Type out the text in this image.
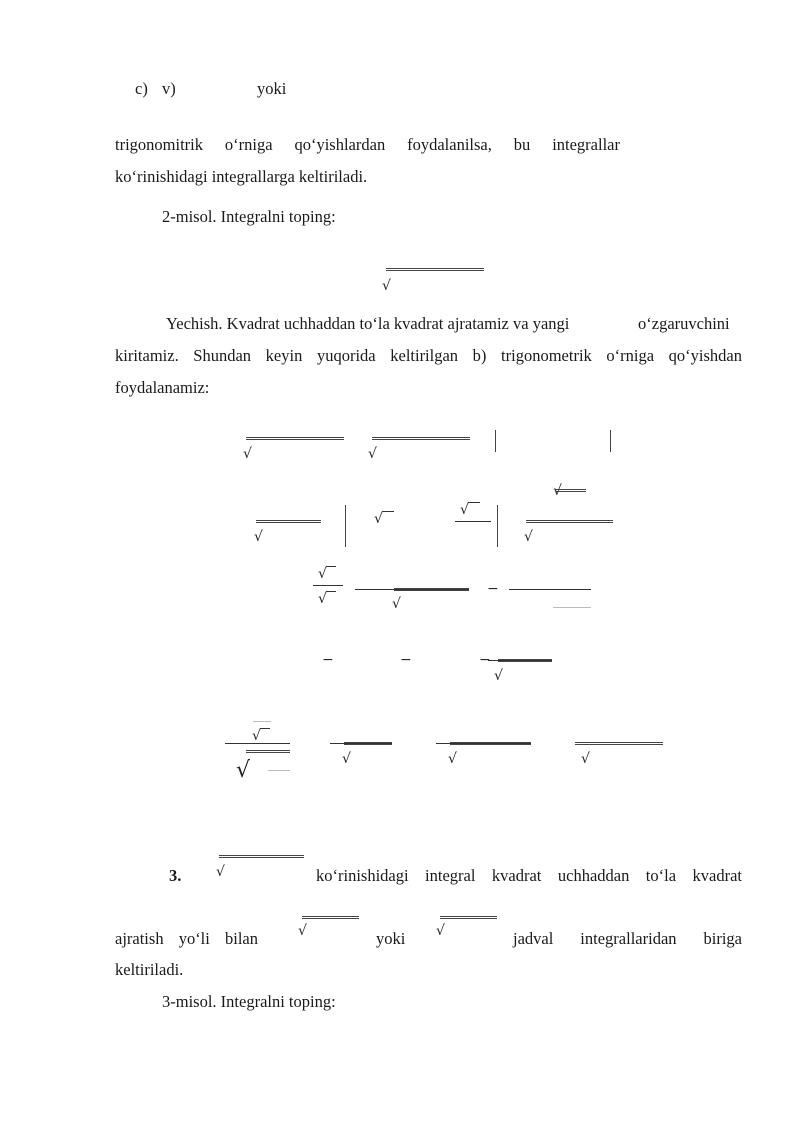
c) v)	yoki
trigonomitrik o‘rniga qo‘yishlardan foydalanilsa, bu integrallar
ko‘rinishidagi integrallarga keltiriladi.
2-misol. Integralni toping:
√
Yechish. Kvadrat uchhaddan to‘la kvadrat ajratamiz va yangi	o‘zgaruvchini
kiritamiz. Shundan keyin yuqorida keltirilgan b) trigonometrik o‘rniga qo‘yishdan
foydalanamiz:
√	√
√
√
√
√
√
√
√	√
−
−	−	−
√
√
√	√	√	√
3. √	ko‘rinishidagi integral kvadrat uchhaddan to‘la kvadrat
ajratish yo‘li bilan	√	yoki √	jadval integrallaridan biriga
keltiriladi.
3-misol. Integralni toping:
